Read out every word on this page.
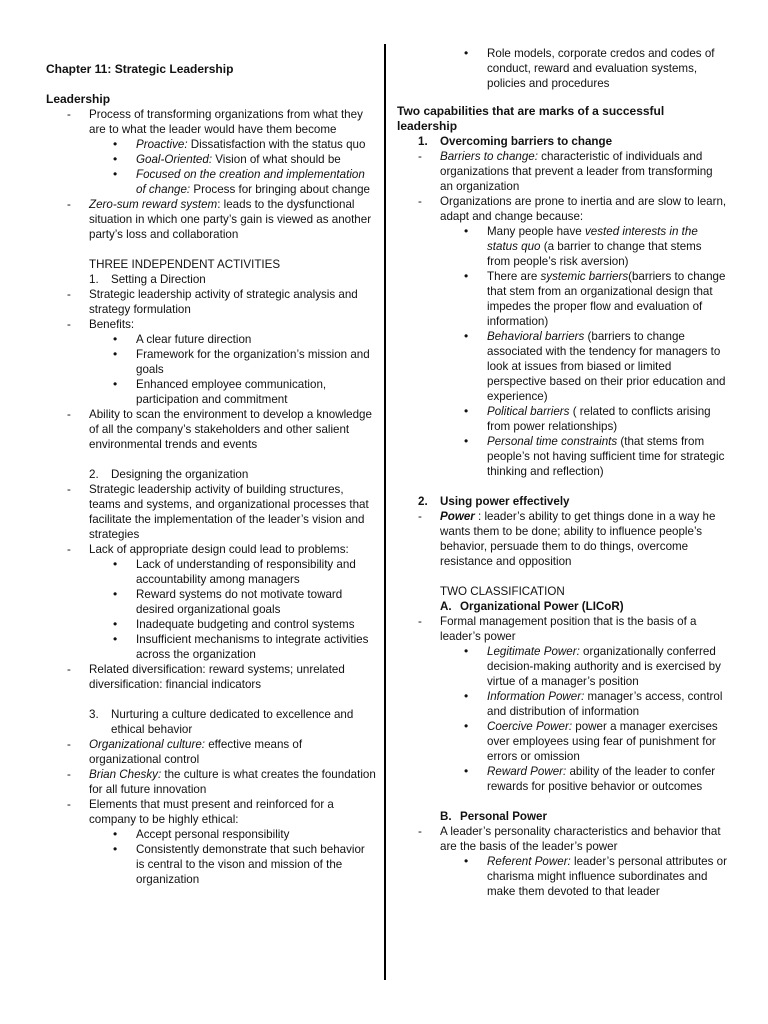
Chapter 11: Strategic Leadership
Leadership
- Process of transforming organizations from what they are to what the leader would have them become
• Proactive: Dissatisfaction with the status quo
• Goal-Oriented: Vision of what should be
• Focused on the creation and implementation of change: Process for bringing about change
- Zero-sum reward system: leads to the dysfunctional situation in which one party’s gain is viewed as another party’s loss and collaboration
THREE INDEPENDENT ACTIVITIES
1. Setting a Direction
- Strategic leadership activity of strategic analysis and strategy formulation
- Benefits:
• A clear future direction
• Framework for the organization’s mission and goals
• Enhanced employee communication, participation and commitment
- Ability to scan the environment to develop a knowledge of all the company’s stakeholders and other salient environmental trends and events
2. Designing the organization
- Strategic leadership activity of building structures, teams and systems, and organizational processes that facilitate the implementation of the leader’s vision and strategies
- Lack of appropriate design could lead to problems:
• Lack of understanding of responsibility and accountability among managers
• Reward systems do not motivate toward desired organizational goals
• Inadequate budgeting and control systems
• Insufficient mechanisms to integrate activities across the organization
- Related diversification: reward systems; unrelated diversification: financial indicators
3. Nurturing a culture dedicated to excellence and ethical behavior
- Organizational culture: effective means of organizational control
- Brian Chesky: the culture is what creates the foundation for all future innovation
- Elements that must present and reinforced for a company to be highly ethical:
• Accept personal responsibility
• Consistently demonstrate that such behavior is central to the vison and mission of the organization
• Role models, corporate credos and codes of conduct, reward and evaluation systems, policies and procedures
Two capabilities that are marks of a successful leadership
1. Overcoming barriers to change
- Barriers to change: characteristic of individuals and organizations that prevent a leader from transforming an organization
- Organizations are prone to inertia and are slow to learn, adapt and change because:
• Many people have vested interests in the status quo (a barrier to change that stems from people’s risk aversion)
• There are systemic barriers(barriers to change that stem from an organizational design that impedes the proper flow and evaluation of information)
• Behavioral barriers (barriers to change associated with the tendency for managers to look at issues from biased or limited perspective based on their prior education and experience)
• Political barriers ( related to conflicts arising from power relationships)
• Personal time constraints (that stems from people’s not having sufficient time for strategic thinking and reflection)
2. Using power effectively
- Power : leader’s ability to get things done in a way he wants them to be done; ability to influence people’s behavior, persuade them to do things, overcome resistance and opposition
TWO CLASSIFICATION
A. Organizational Power (LICoR)
- Formal management position that is the basis of a leader’s power
• Legitimate Power: organizationally conferred decision-making authority and is exercised by virtue of a manager’s position
• Information Power: manager’s access, control and distribution of information
• Coercive Power: power a manager exercises over employees using fear of punishment for errors or omission
• Reward Power: ability of the leader to confer rewards for positive behavior or outcomes
B. Personal Power
- A leader’s personality characteristics and behavior that are the basis of the leader’s power
• Referent Power: leader’s personal attributes or charisma might influence subordinates and make them devoted to that leader
